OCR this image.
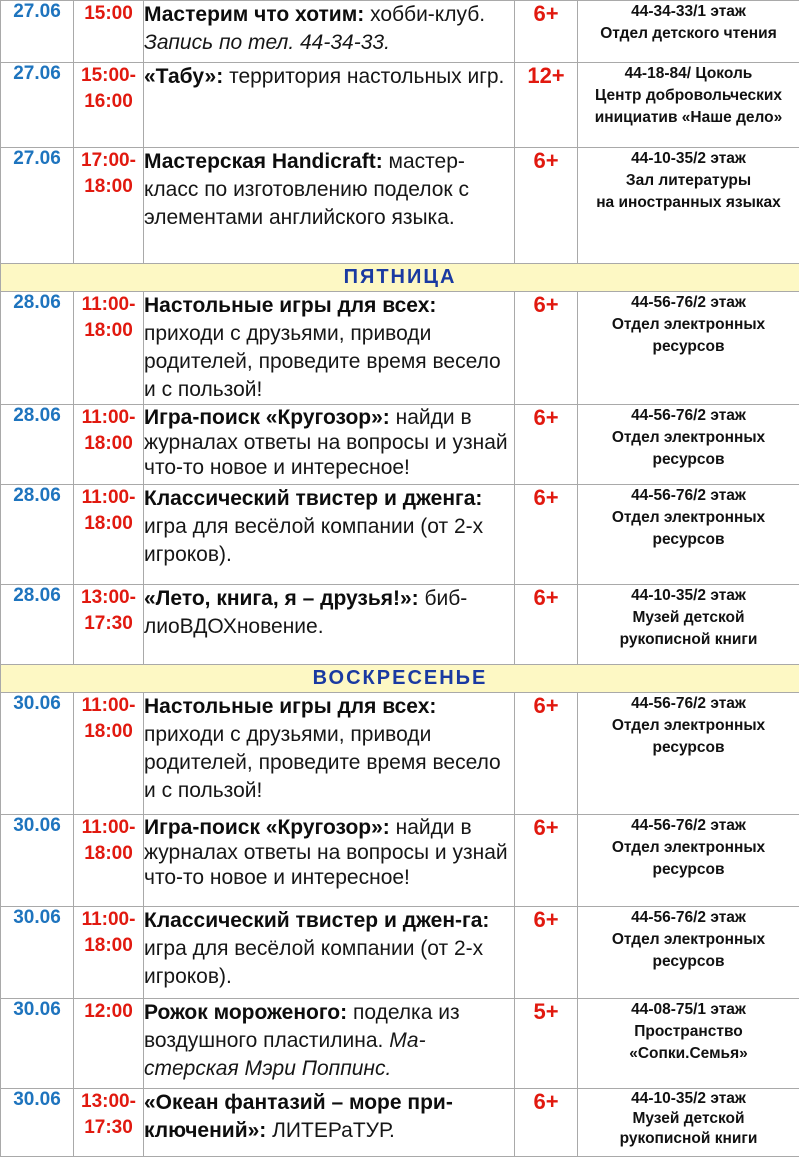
27.06	15:00	Мастерим что хотим: хобби-клуб. Запись по тел. 44-34-33.	6+	44-34-33/1 этаж
Отдел детского чтения

27.06	15:00-16:00	«Табу»: территория настольных игр.	12+	44-18-84/ Цоколь
Центр добровольческих
инициатив «Наше дело»

27.06	17:00-18:00	Мастерская Handicraft: мастер-класс по изготовлению поделок с элементами английского языка.	6+	44-10-35/2 этаж
Зал литературы
на иностранных языках

ПЯТНИЦА				
28.06	11:00-18:00	Настольные игры для всех: приходи с друзьями, приводи родителей, проведите время весело и с пользой!	6+	44-56-76/2 этаж
Отдел электронных
ресурсов

28.06	11:00-18:00	Игра-поиск «Кругозор»: найди в журналах ответы на вопросы и узнай что-то новое и интересное!	6+	44-56-76/2 этаж
Отдел электронных
ресурсов

28.06	11:00-18:00	Классический твистер и дженга: игра для весёлой компании (от 2-х игроков).	6+	44-56-76/2 этаж
Отдел электронных
ресурсов

28.06	13:00-17:30	«Лето, книга, я – друзья!»: биб-лиоВДОХновение.	6+	44-10-35/2 этаж
Музей детской
рукописной книги

ВОСКРЕСЕНЬЕ				
30.06	11:00-18:00	Настольные игры для всех: приходи с друзьями, приводи родителей, проведите время весело и с пользой!	6+	44-56-76/2 этаж
Отдел электронных
ресурсов

30.06	11:00-18:00	Игра-поиск «Кругозор»: найди в журналах ответы на вопросы и узнай что-то новое и интересное!	6+	44-56-76/2 этаж
Отдел электронных
ресурсов

30.06	11:00-18:00	Классический твистер и джен-га: игра для весёлой компании (от 2-х игроков).	6+	44-56-76/2 этаж
Отдел электронных
ресурсов

30.06	12:00	Рожок мороженого: поделка из воздушного пластилина. Ма-стерская Мэри Поппинс.	5+	44-08-75/1 этаж
Пространство
«Сопки.Семья»

30.06	13:00-17:30	«Океан фантазий – море при-ключений»: ЛИТЕРаТУР.	6+	44-10-35/2 этаж
Музей детской
рукописной книги
